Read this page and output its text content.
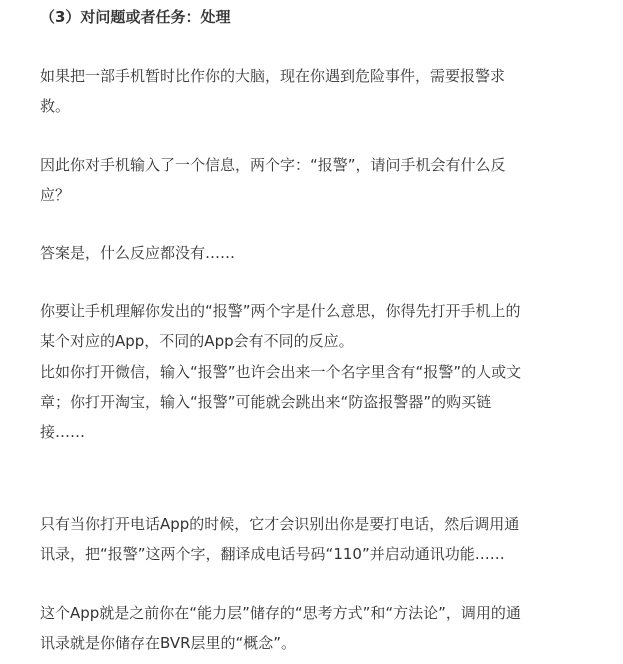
（3）对问题或者任务：处理

如果把一部手机暂时比作你的大脑，现在你遇到危险事件，需要报警求
救。

因此你对手机输入了一个信息，两个字：“报警”，请问手机会有什么反
应？

答案是，什么反应都没有……

你要让手机理解你发出的“报警”两个字是什么意思，你得先打开手机上的
某个对应的App，不同的App会有不同的反应。

比如你打开微信，输入“报警”也许会出来一个名字里含有“报警”的人或文
章；你打开淘宝，输入“报警”可能就会跳出来“防盗报警器”的购买链
接……

只有当你打开电话App的时候，它才会识别出你是要打电话，然后调用通
讯录，把“报警”这两个字，翻译成电话号码“110”并启动通讯功能……

这个App就是之前你在“能力层”储存的“思考方式”和“方法论”，调用的通
讯录就是你储存在BVR层里的“概念”。
